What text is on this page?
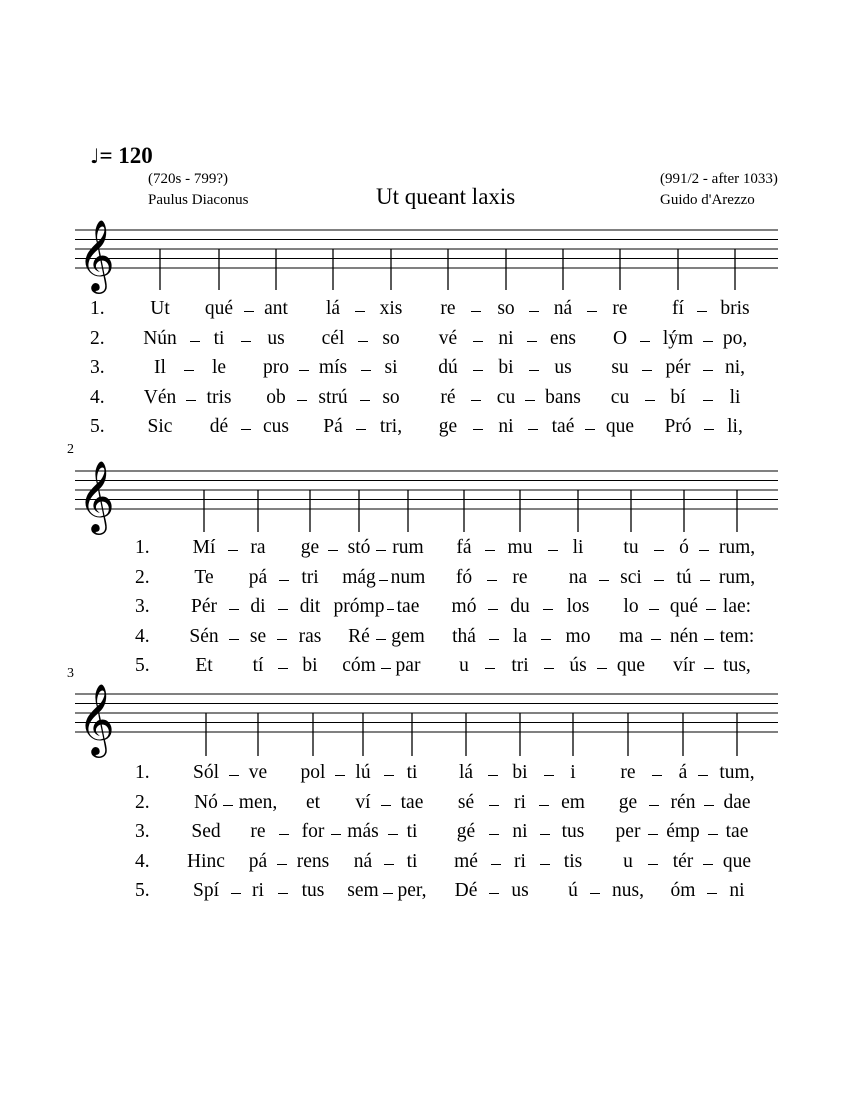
♩= 120
(720s - 799?)
Paulus Diaconus	Ut queant laxis
(991/2 - after 1033)
Guido d'Arezzo
2
3
𝄞
𝄞
𝄞
1. Ut qué ant lá xis re so ná re fí bris
2. Nún ti us cél so vé ni ens O lým po,
3.	Il le pro mís si dú bi us su pér ni,
4. Vén tris ob strú so ré cu bans cu bí li
5. Sic dé cus Pá tri, ge ni taé que Pró li,
1. Mí ra ge stó rum fá mu li tu ó rum,
2. Te pá tri mág num fó re na sci tú rum,
3. Pér di dit prómp tae mó du los lo qué lae:
4. Sén se ras Ré gem thá la mo ma nén tem:
5. Et tí bi cóm par u tri ús que vír tus,
1. Sól ve pol lú ti lá bi i re á tum,
2. Nó men, et ví tae sé ri em ge rén dae
3. Sed re for más ti gé ni tus per émp tae
4. Hinc pá rens ná ti mé ri tis u tér que
5. Spí ri tus sem per, Dé us ú nus, óm ni
